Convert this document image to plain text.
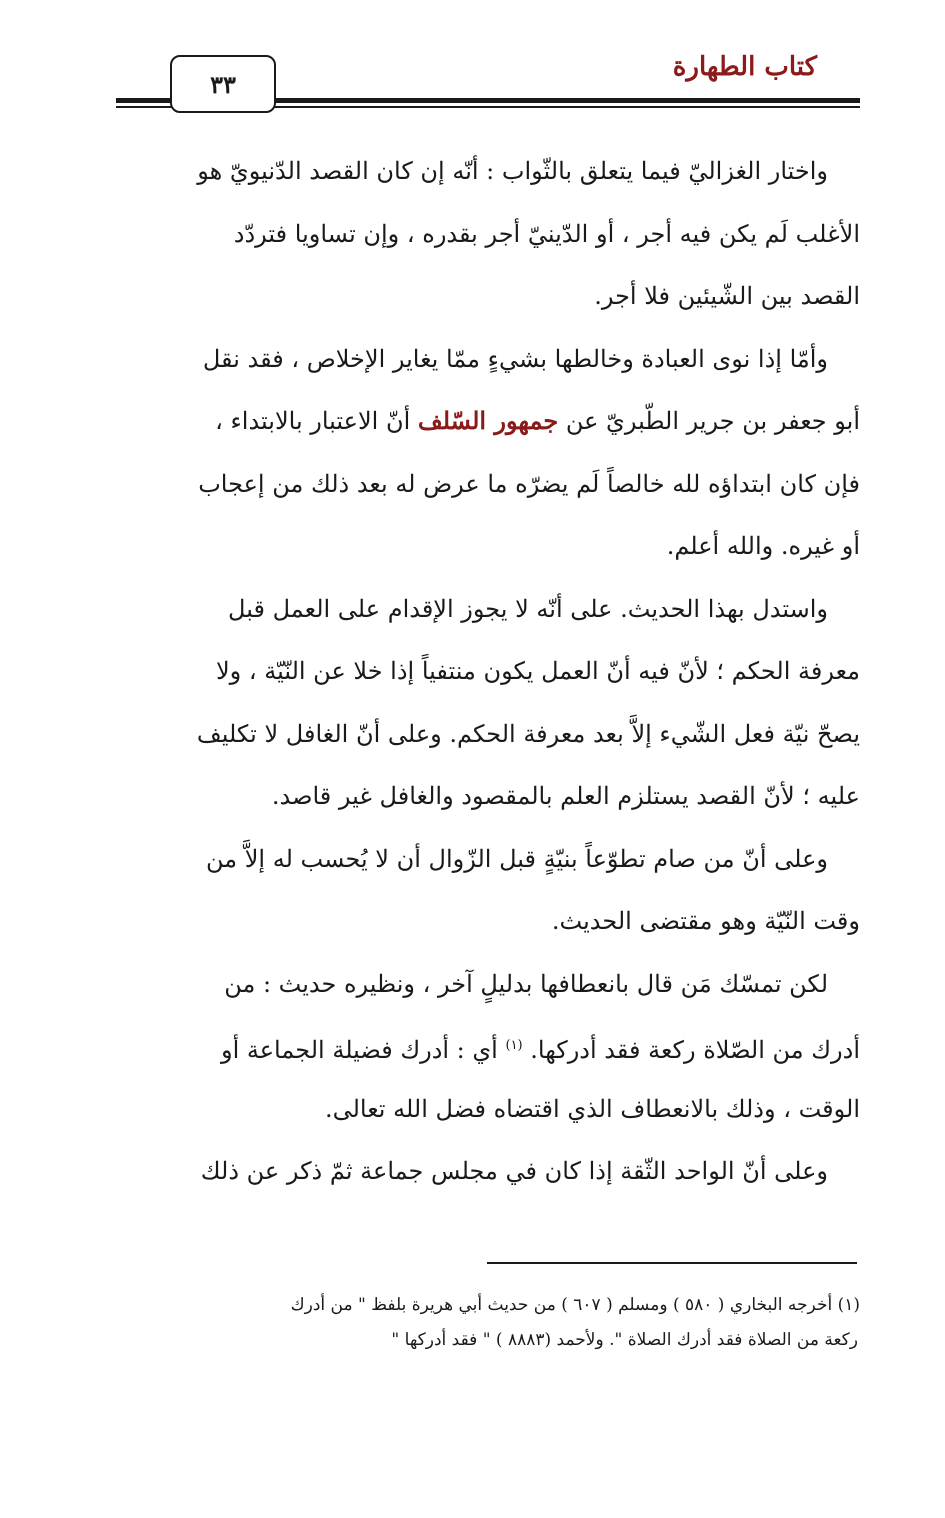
كتاب الطهارة
٣٣
واختار الغزاليّ فيما يتعلق بالثّواب : أنّه إن كان القصد الدّنيويّ هو
الأغلب لَم يكن فيه أجر ، أو الدّينيّ أجر بقدره ، وإن تساويا فتردّد
القصد بين الشّيئين فلا أجر.
وأمّا إذا نوى العبادة وخالطها بشيءٍ ممّا يغاير الإخلاص ، فقد نقل
أبو جعفر بن جرير الطّبريّ عن جمهور السّلف أنّ الاعتبار بالابتداء ،
فإن كان ابتداؤه لله خالصاً لَم يضرّه ما عرض له بعد ذلك من إعجاب
أو غيره. والله أعلم.
واستدل بهذا الحديث. على أنّه لا يجوز الإقدام على العمل قبل
معرفة الحكم ؛ لأنّ فيه أنّ العمل يكون منتفياً إذا خلا عن النّيّة ، ولا
يصحّ نيّة فعل الشّيء إلاَّ بعد معرفة الحكم. وعلى أنّ الغافل لا تكليف
عليه ؛ لأنّ القصد يستلزم العلم بالمقصود والغافل غير قاصد.
وعلى أنّ من صام تطوّعاً بنيّةٍ قبل الزّوال أن لا يُحسب له إلاَّ من
وقت النّيّة وهو مقتضى الحديث.
لكن تمسّك مَن قال بانعطافها بدليلٍ آخر ، ونظيره حديث : من
أدرك من الصّلاة ركعة فقد أدركها. $^{(١)}$ أي : أدرك فضيلة الجماعة أو
الوقت ، وذلك بالانعطاف الذي اقتضاه فضل الله تعالى.
وعلى أنّ الواحد الثّقة إذا كان في مجلس جماعة ثمّ ذكر عن ذلك
(١) أخرجه البخاري ( ٥٨٠ ) ومسلم ( ٦٠٧ ) من حديث أبي هريرة بلفظ " من أدرك
ركعة من الصلاة فقد أدرك الصلاة ". ولأحمد (٨٨٨٣ ) " فقد أدركها "
